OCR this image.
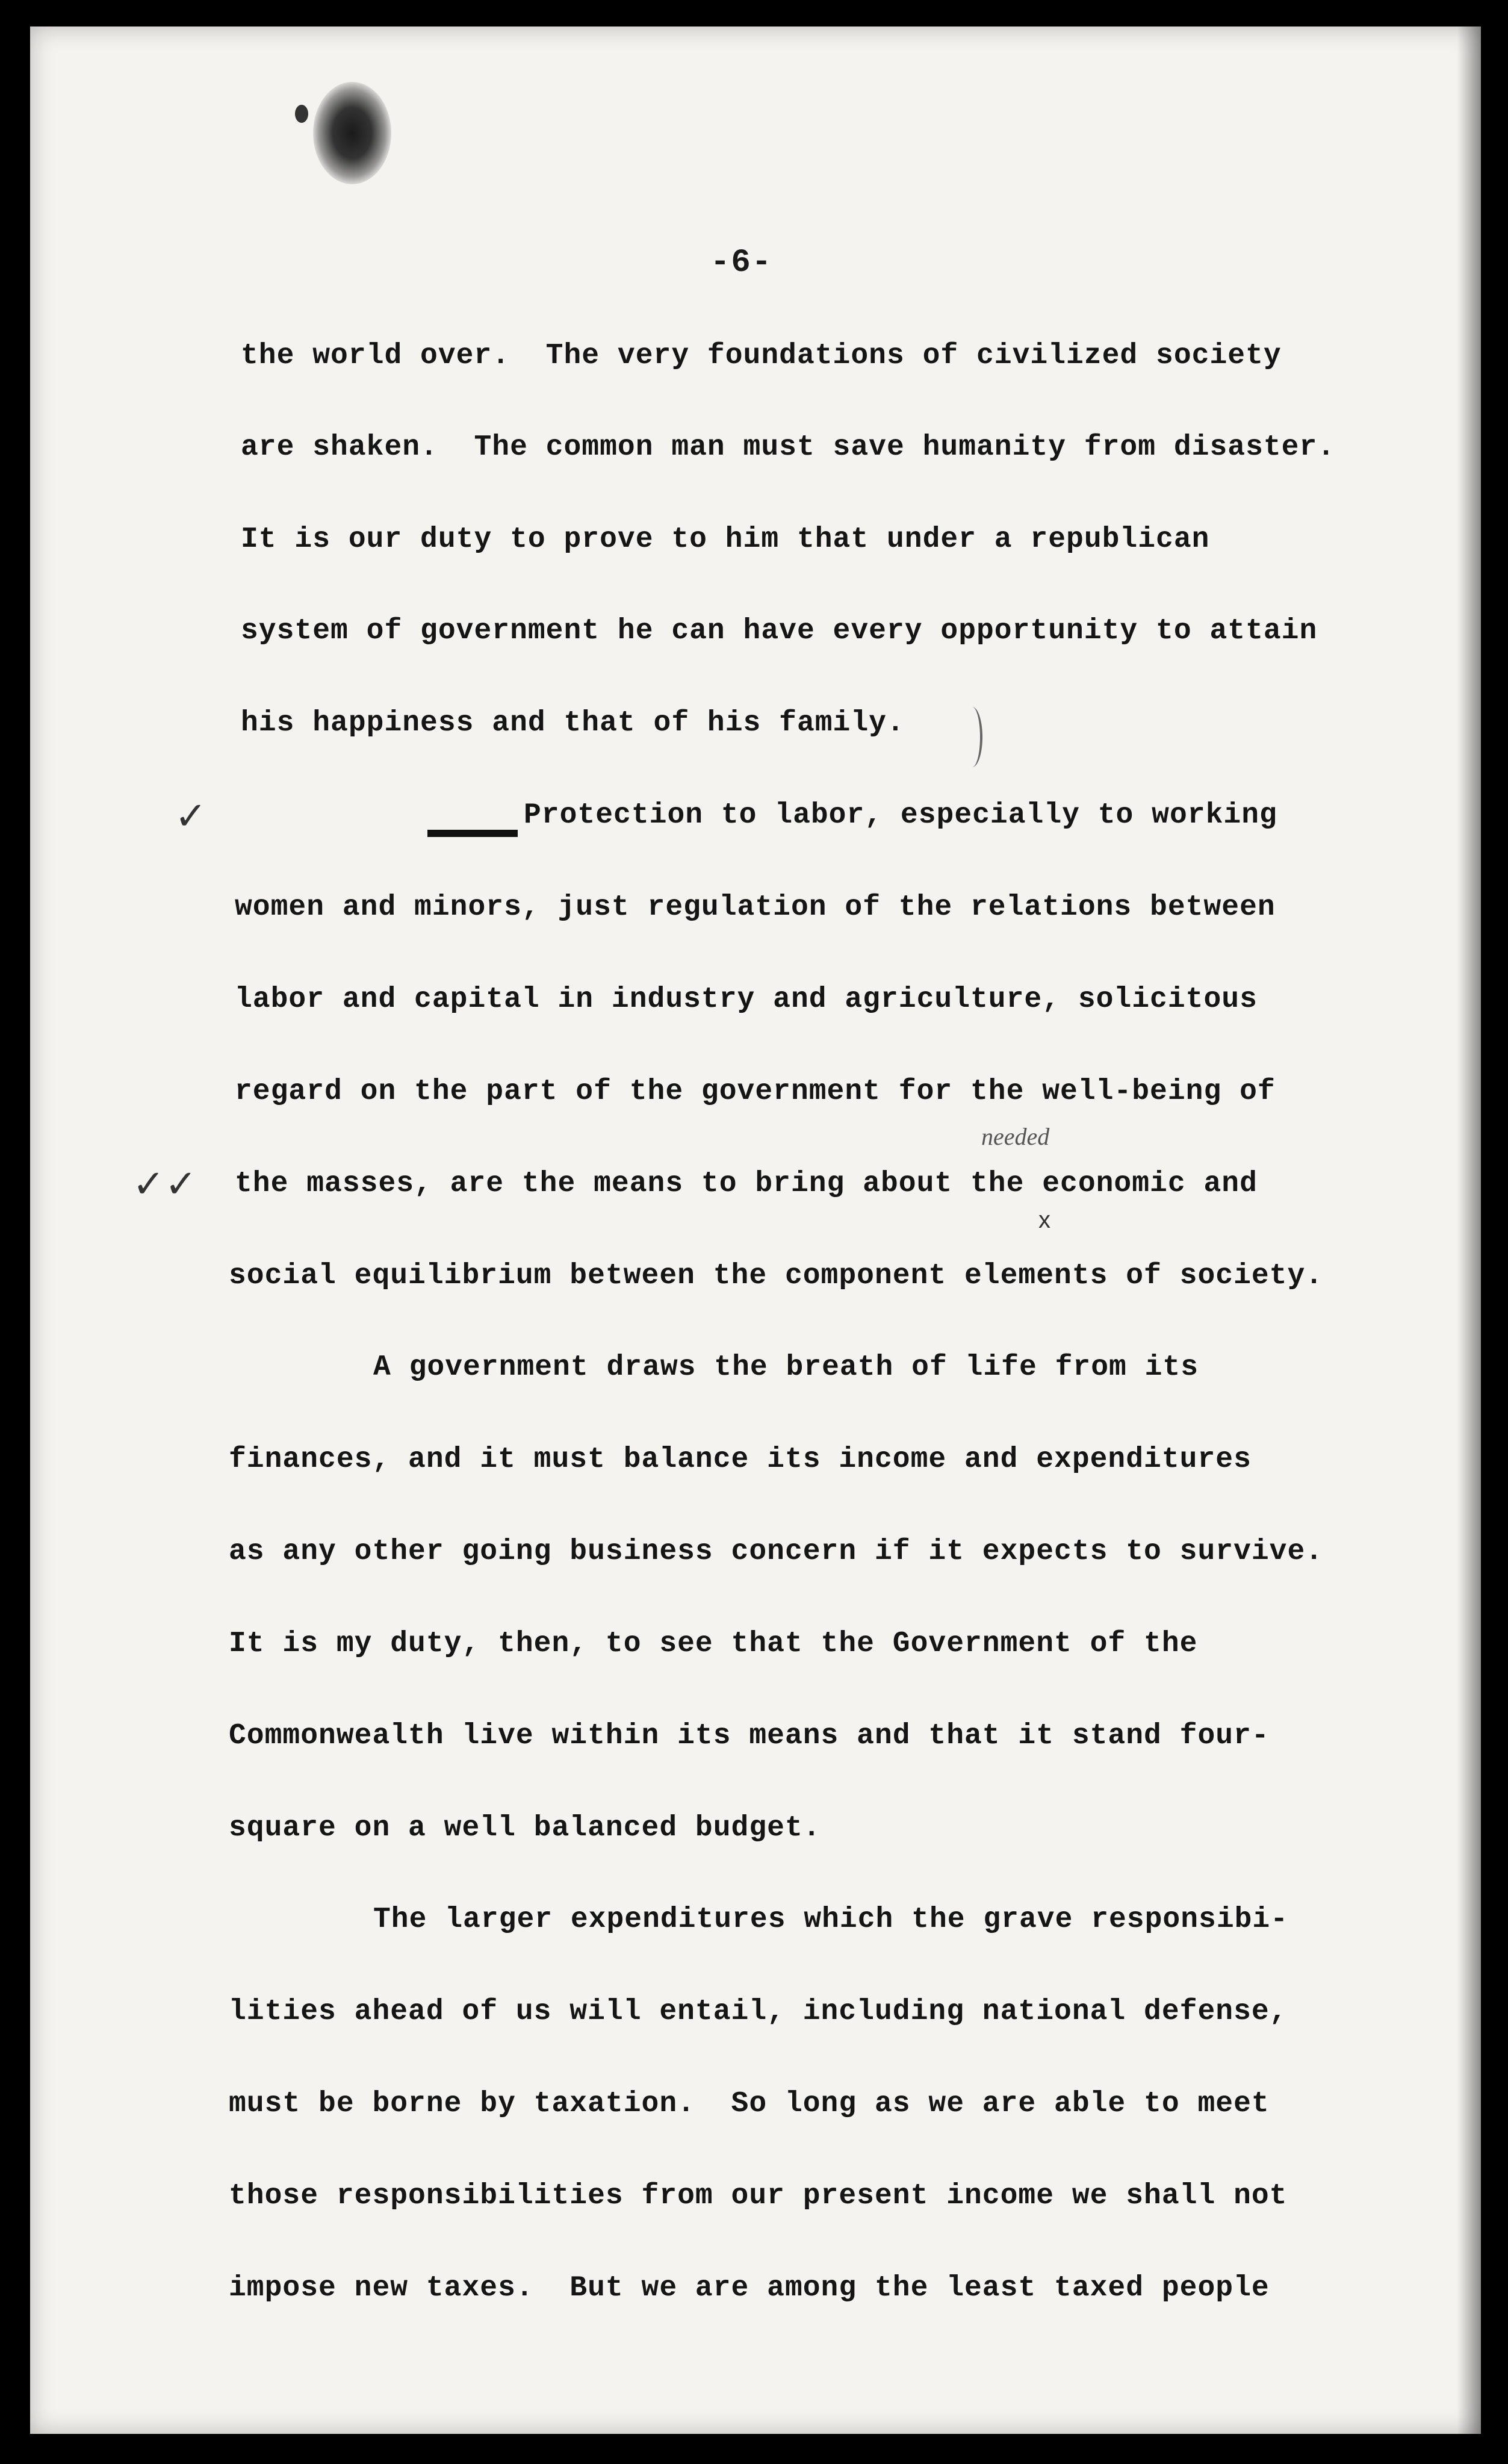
-6-
the world over.  The very foundations of civilized society
are shaken.  The common man must save humanity from disaster.
It is our duty to prove to him that under a republican
system of government he can have every opportunity to attain
his happiness and that of his family.
✓	Protection to labor, especially to working
women and minors, just regulation of the relations between
labor and capital in industry and agriculture, solicitous
regard on the part of the government for the well-being of
needed
x
✓✓ the masses, are the means to bring about the economic and
social equilibrium between the component elements of society.
A government draws the breath of life from its
finances, and it must balance its income and expenditures
as any other going business concern if it expects to survive.
It is my duty, then, to see that the Government of the
Commonwealth live within its means and that it stand four-
square on a well balanced budget.
The larger expenditures which the grave responsibi-
lities ahead of us will entail, including national defense,
must be borne by taxation.  So long as we are able to meet
those responsibilities from our present income we shall not
impose new taxes.  But we are among the least taxed people
